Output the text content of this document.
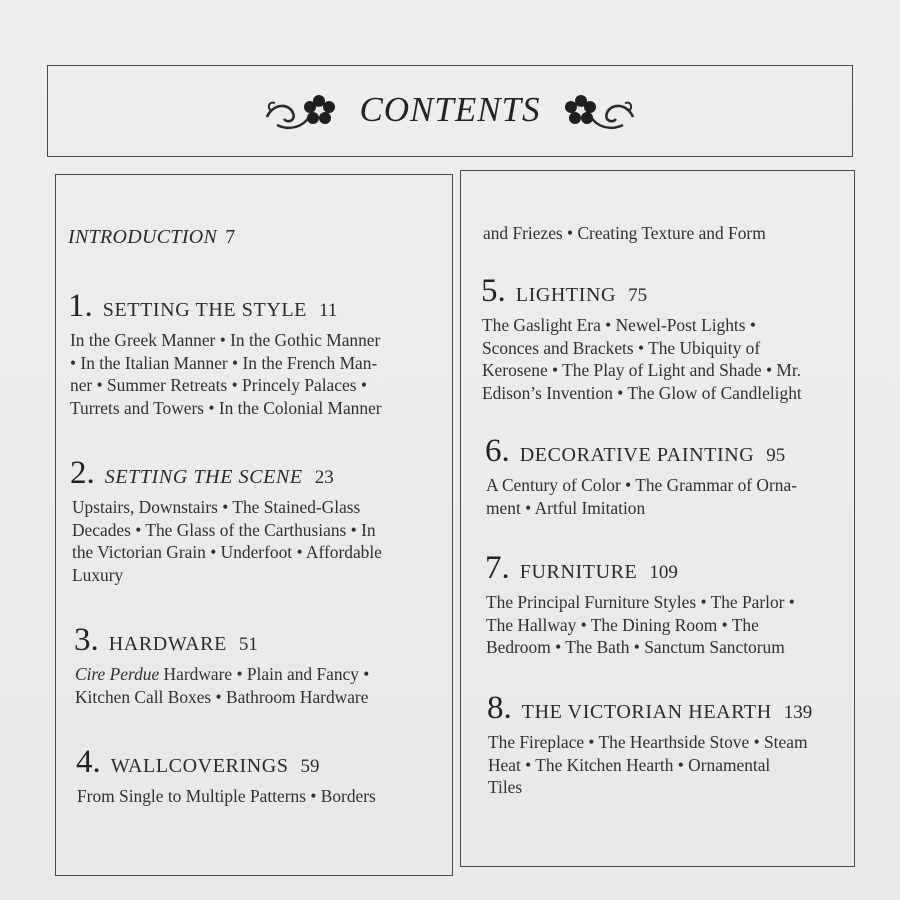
CONTENTS
INTRODUCTION 7
1. SETTING THE STYLE 11
In the Greek Manner • In the Gothic Manner
• In the Italian Manner • In the French Man-
ner • Summer Retreats • Princely Palaces •
Turrets and Towers • In the Colonial Manner
2. SETTING THE SCENE 23
Upstairs, Downstairs • The Stained-Glass
Decades • The Glass of the Carthusians • In
the Victorian Grain • Underfoot • Affordable
Luxury
3. HARDWARE 51
Cire Perdue Hardware • Plain and Fancy •
Kitchen Call Boxes • Bathroom Hardware
4. WALLCOVERINGS 59
From Single to Multiple Patterns • Borders
and Friezes • Creating Texture and Form
5. LIGHTING 75
The Gaslight Era • Newel-Post Lights •
Sconces and Brackets • The Ubiquity of
Kerosene • The Play of Light and Shade • Mr.
Edison’s Invention • The Glow of Candlelight
6. DECORATIVE PAINTING 95
A Century of Color • The Grammar of Orna-
ment • Artful Imitation
7. FURNITURE 109
The Principal Furniture Styles • The Parlor •
The Hallway • The Dining Room • The
Bedroom • The Bath • Sanctum Sanctorum
8. THE VICTORIAN HEARTH 139
The Fireplace • The Hearthside Stove • Steam
Heat • The Kitchen Hearth • Ornamental
Tiles
